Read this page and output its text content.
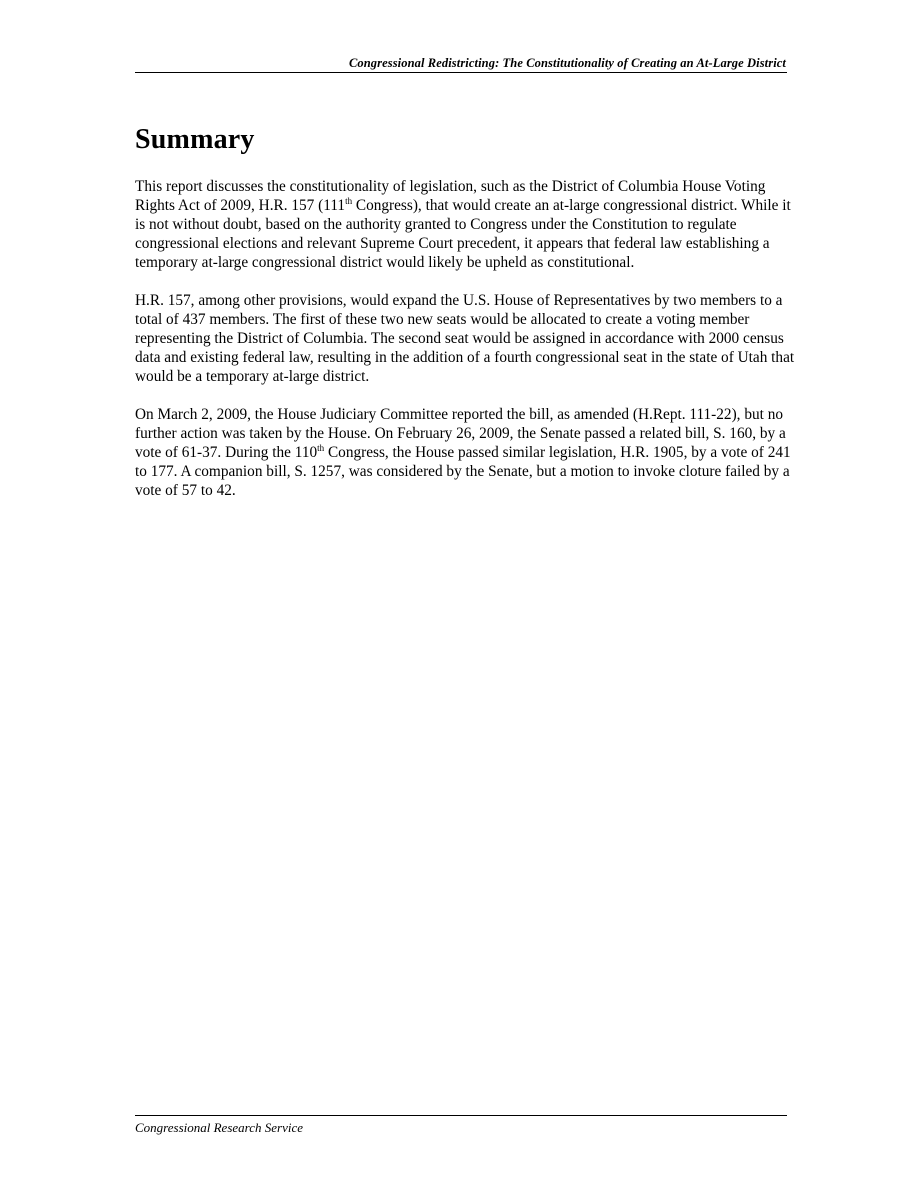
Congressional Redistricting: The Constitutionality of Creating an At-Large District
Summary

This report discusses the constitutionality of legislation, such as the District of Columbia House Voting Rights Act of 2009, H.R. 157 (111th Congress), that would create an at-large congressional district. While it is not without doubt, based on the authority granted to Congress under the Constitution to regulate congressional elections and relevant Supreme Court precedent, it appears that federal law establishing a temporary at-large congressional district would likely be upheld as constitutional.

H.R. 157, among other provisions, would expand the U.S. House of Representatives by two members to a total of 437 members. The first of these two new seats would be allocated to create a voting member representing the District of Columbia. The second seat would be assigned in accordance with 2000 census data and existing federal law, resulting in the addition of a fourth congressional seat in the state of Utah that would be a temporary at-large district.

On March 2, 2009, the House Judiciary Committee reported the bill, as amended (H.Rept. 111-22), but no further action was taken by the House. On February 26, 2009, the Senate passed a related bill, S. 160, by a vote of 61-37. During the 110th Congress, the House passed similar legislation, H.R. 1905, by a vote of 241 to 177. A companion bill, S. 1257, was considered by the Senate, but a motion to invoke cloture failed by a vote of 57 to 42.

Congressional Research Service
